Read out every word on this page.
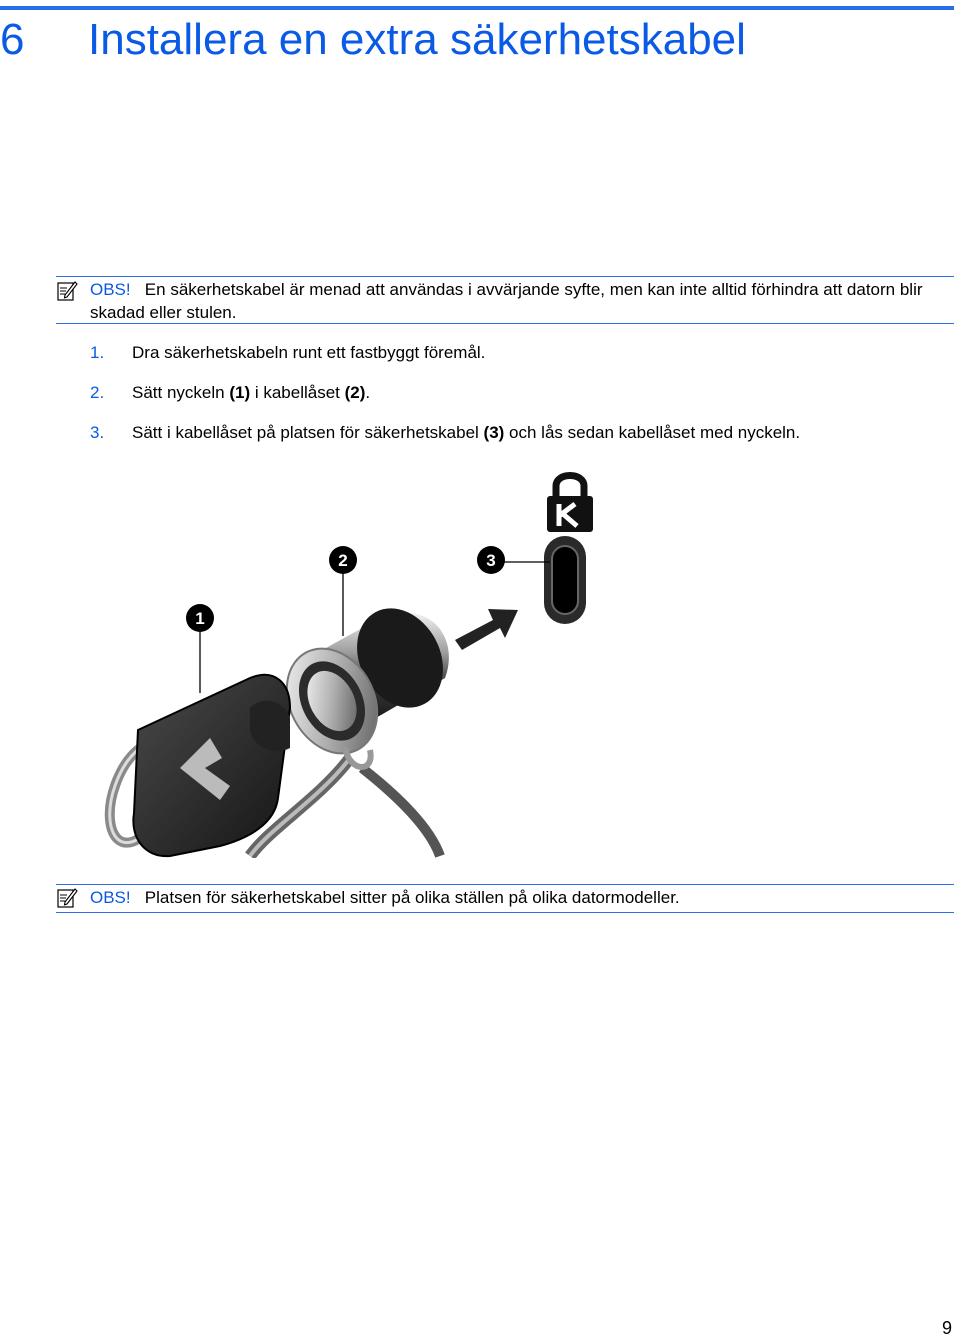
6 Installera en extra säkerhetskabel
OBS! En säkerhetskabel är menad att användas i avvärjande syfte, men kan inte alltid förhindra att datorn blir skadad eller stulen.
1. Dra säkerhetskabeln runt ett fastbyggt föremål.
2. Sätt nyckeln (1) i kabellåset (2).
3. Sätt i kabellåset på platsen för säkerhetskabel (3) och lås sedan kabellåset med nyckeln.
1
2	3
OBS! Platsen för säkerhetskabel sitter på olika ställen på olika datormodeller.
9
